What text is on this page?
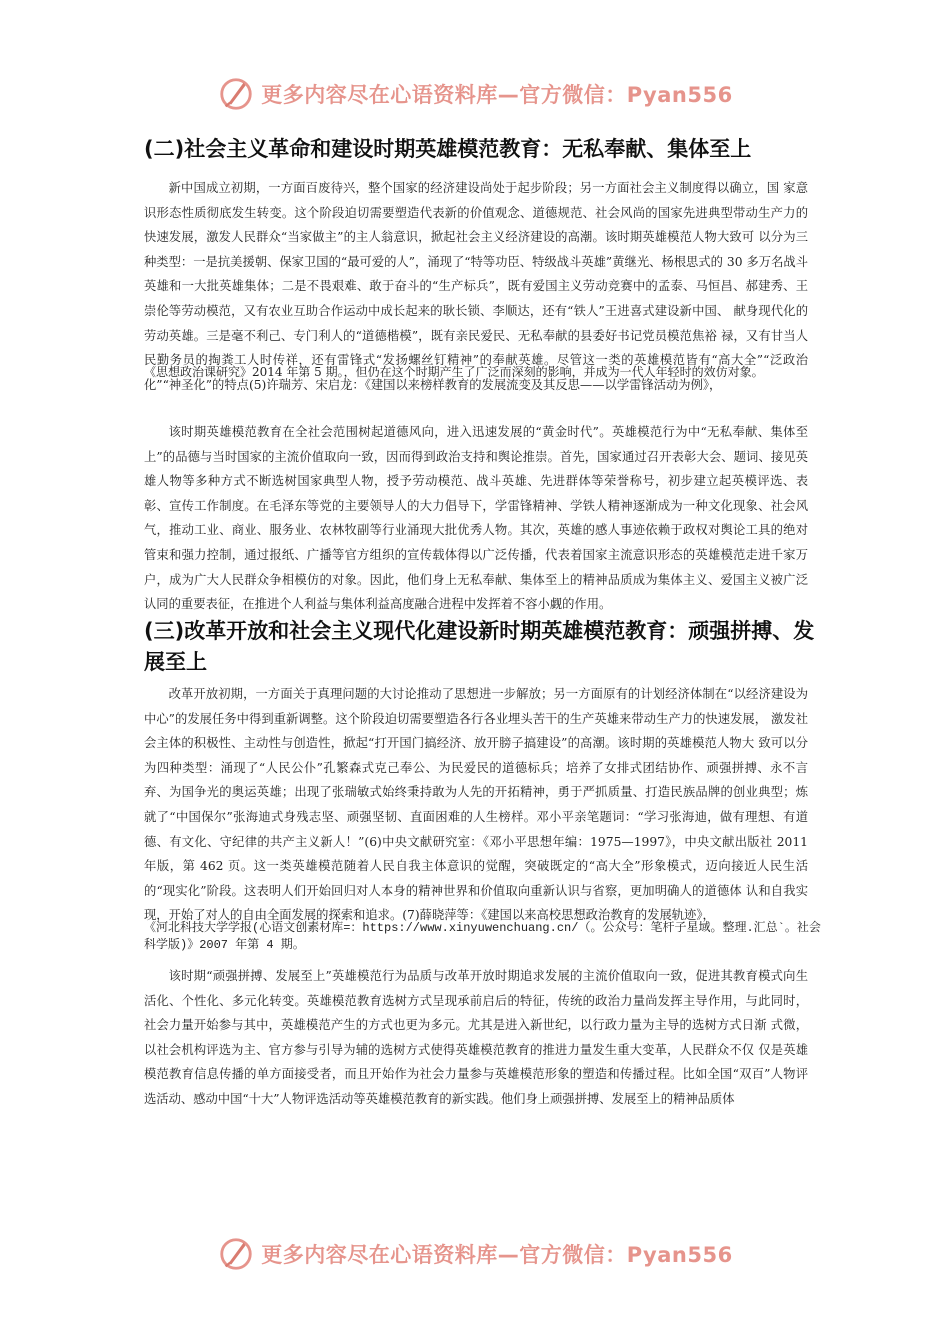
更多内容尽在心语资料库—官方微信：Pyan556
(二)社会主义革命和建设时期英雄模范教育：无私奉献、集体至上

新中国成立初期，一方面百废待兴，整个国家的经济建设尚处于起步阶段；另一方面社会主义制度得以确立，国 家意识形态性质彻底发生转变。这个阶段迫切需要塑造代表新的价值观念、道德规范、社会风尚的国家先进典型带动生产力的快速发展，激发人民群众“当家做主”的主人翁意识，掀起社会主义经济建设的高潮。该时期英雄模范人物大致可 以分为三种类型：一是抗美援朝、保家卫国的“最可爱的人”，涌现了“特等功臣、特级战斗英雄”黄继光、杨根思式的 30 多万名战斗英雄和一大批英雄集体；二是不畏艰难、敢于奋斗的“生产标兵”，既有爱国主义劳动竞赛中的孟泰、马恒昌、郝建秀、王崇伦等劳动模范，又有农业互助合作运动中成长起来的耿长锁、李顺达，还有“铁人”王进喜式建设新中国、 献身现代化的劳动英雄。三是毫不利己、专门利人的“道德楷模”，既有亲民爱民、无私奉献的县委好书记党员模范焦裕 禄，又有甘当人民勤务员的掏粪工人时传祥，还有雷锋式“发扬螺丝钉精神”的奉献英雄。尽管这一类的英雄模范皆有“高大全”“泛政治化”“神圣化”的特点(5)许瑞芳、宋启龙：《建国以来榜样教育的发展流变及其反思——以学雷锋活动为例》，

《思想政治课研究》2014 年第 5 期。，但仍在这个时期产生了广泛而深刻的影响，并成为一代人年轻时的效仿对象。

该时期英雄模范教育在全社会范围树起道德风向，进入迅速发展的“黄金时代”。英雄模范行为中“无私奉献、集体至上”的品德与当时国家的主流价值取向一致，因而得到政治支持和舆论推崇。首先，国家通过召开表彰大会、题词、接见英雄人物等多种方式不断选树国家典型人物，授予劳动模范、战斗英雄、先进群体等荣誉称号，初步建立起英模评选、表彰、宣传工作制度。在毛泽东等党的主要领导人的大力倡导下，学雷锋精神、学铁人精神逐渐成为一种文化现象、社会风气，推动工业、商业、服务业、农林牧副等行业涌现大批优秀人物。其次，英雄的感人事迹依赖于政权对舆论工具的绝对管束和强力控制，通过报纸、广播等官方组织的宣传载体得以广泛传播，代表着国家主流意识形态的英雄模范走进千家万户，成为广大人民群众争相模仿的对象。因此，他们身上无私奉献、集体至上的精神品质成为集体主义、爱国主义被广泛认同的重要表征，在推进个人利益与集体利益高度融合进程中发挥着不容小觑的作用。

(三)改革开放和社会主义现代化建设新时期英雄模范教育：顽强拼搏、发展至上

改革开放初期，一方面关于真理问题的大讨论推动了思想进一步解放；另一方面原有的计划经济体制在“以经济建设为中心”的发展任务中得到重新调整。这个阶段迫切需要塑造各行各业埋头苦干的生产英雄来带动生产力的快速发展， 激发社会主体的积极性、主动性与创造性，掀起“打开国门搞经济、放开膀子搞建设”的高潮。该时期的英雄模范人物大 致可以分为四种类型：涌现了“人民公仆”孔繁森式克己奉公、为民爱民的道德标兵；培养了女排式团结协作、顽强拼搏、永不言弃、为国争光的奥运英雄；出现了张瑞敏式始终秉持敢为人先的开拓精神，勇于严抓质量、打造民族品牌的创业典型；炼就了“中国保尔”张海迪式身残志坚、顽强坚韧、直面困难的人生榜样。邓小平亲笔题词：“学习张海迪，做有理想、有道德、有文化、守纪律的共产主义新人！”(6)中央文献研究室：《邓小平思想年编：1975—1997》，中央文献出版社 2011 年版，第 462 页。这一类英雄模范随着人民自我主体意识的觉醒，突破既定的“高大全”形象模式，迈向接近人民生活的“现实化”阶段。这表明人们开始回归对人本身的精神世界和价值取向重新认识与省察，更加明确人的道德体 认和自我实现，开始了对人的自由全面发展的探索和追求。(7)薛晓萍等：《建国以来高校思想政治教育的发展轨迹》，

《河北科技大学学报(心语文创素材库=：https://www.xinyuwenchuang.cn/（。公众号：笔杆子星域。整理.汇总`。社会科学版)》2007 年第 4 期。

该时期“顽强拼搏、发展至上”英雄模范行为品质与改革开放时期追求发展的主流价值取向一致，促进其教育模式向生活化、个性化、多元化转变。英雄模范教育选树方式呈现承前启后的特征，传统的政治力量尚发挥主导作用，与此同时，社会力量开始参与其中，英雄模范产生的方式也更为多元。尤其是进入新世纪，以行政力量为主导的选树方式日渐 式微，以社会机构评选为主、官方参与引导为辅的选树方式使得英雄模范教育的推进力量发生重大变革，人民群众不仅 仅是英雄模范教育信息传播的单方面接受者，而且开始作为社会力量参与英雄模范形象的塑造和传播过程。比如全国“双百”人物评选活动、感动中国“十大”人物评选活动等英雄模范教育的新实践。他们身上顽强拼搏、发展至上的精神品质体

更多内容尽在心语资料库—官方微信：Pyan556
